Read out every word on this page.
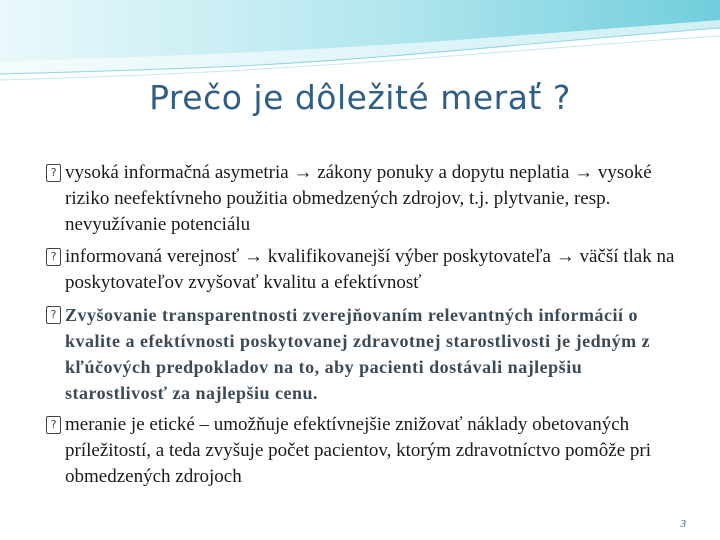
Prečo je dôležité merať ?
? vysoká informačná asymetria → zákony ponuky a dopytu neplatia → vysoké riziko neefektívneho použitia obmedzených zdrojov, t.j. plytvanie, resp. nevyužívanie potenciálu
? informovaná verejnosť → kvalifikovanejší výber poskytovateľa → väčší tlak na poskytovateľov zvyšovať kvalitu a efektívnosť
? Zvyšovanie transparentnosti zverejňovaním relevantných informácií o kvalite a efektívnosti poskytovanej zdravotnej starostlivosti je jedným z kľúčových predpokladov na to, aby pacienti dostávali najlepšiu starostlivosť za najlepšiu cenu.
? meranie je etické – umožňuje efektívnejšie znižovať náklady obetovaných príležitostí, a teda zvyšuje počet pacientov, ktorým zdravotníctvo pomôže pri obmedzených zdrojoch
3
